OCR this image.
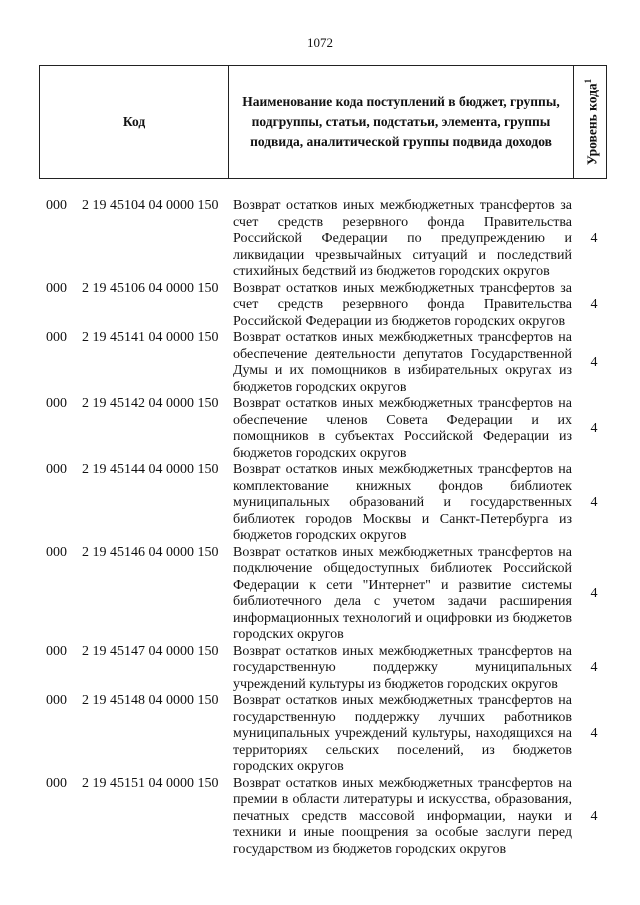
1072
Код
Наименование кода поступлений в бюджет, группы, подгруппы, статьи, подстатьи, элемента, группы подвида, аналитической группы подвида доходов	Уровень кода$^1$
000 2 19 45104 04 0000 150 Возврат остатков иных межбюджетных трансфертов за счет средств резервного фонда Правительства Российской Федерации по предупреждению и ликвидации чрезвычайных ситуаций и последствий стихийных бедствий из бюджетов городских округов
4
000 2 19 45106 04 0000 150 Возврат остатков иных межбюджетных трансфертов за счет средств резервного фонда Правительства Российской Федерации из бюджетов городских округов
4
000 2 19 45141 04 0000 150 Возврат остатков иных межбюджетных трансфертов на обеспечение деятельности депутатов Государственной Думы и их помощников в избирательных округах из бюджетов городских округов
4
000 2 19 45142 04 0000 150 Возврат остатков иных межбюджетных трансфертов на обеспечение членов Совета Федерации и их помощников в субъектах Российской Федерации из бюджетов городских округов
4
000 2 19 45144 04 0000 150 Возврат остатков иных межбюджетных трансфертов на комплектование книжных фондов библиотек муниципальных образований и государственных библиотек городов Москвы и Санкт-Петербурга из бюджетов городских округов
4
000 2 19 45146 04 0000 150 Возврат остатков иных межбюджетных трансфертов на подключение общедоступных библиотек Российской Федерации к сети "Интернет" и развитие системы библиотечного дела с учетом задачи расширения информационных технологий и оцифровки из бюджетов городских округов
4
000 2 19 45147 04 0000 150 Возврат остатков иных межбюджетных трансфертов на государственную поддержку муниципальных учреждений культуры из бюджетов городских округов
4
000 2 19 45148 04 0000 150 Возврат остатков иных межбюджетных трансфертов на государственную поддержку лучших работников муниципальных учреждений культуры, находящихся на территориях сельских поселений, из бюджетов городских округов
4
000 2 19 45151 04 0000 150 Возврат остатков иных межбюджетных трансфертов на премии в области литературы и искусства, образования, печатных средств массовой информации, науки и техники и иные поощрения за особые заслуги перед государством из бюджетов городских округов
4
